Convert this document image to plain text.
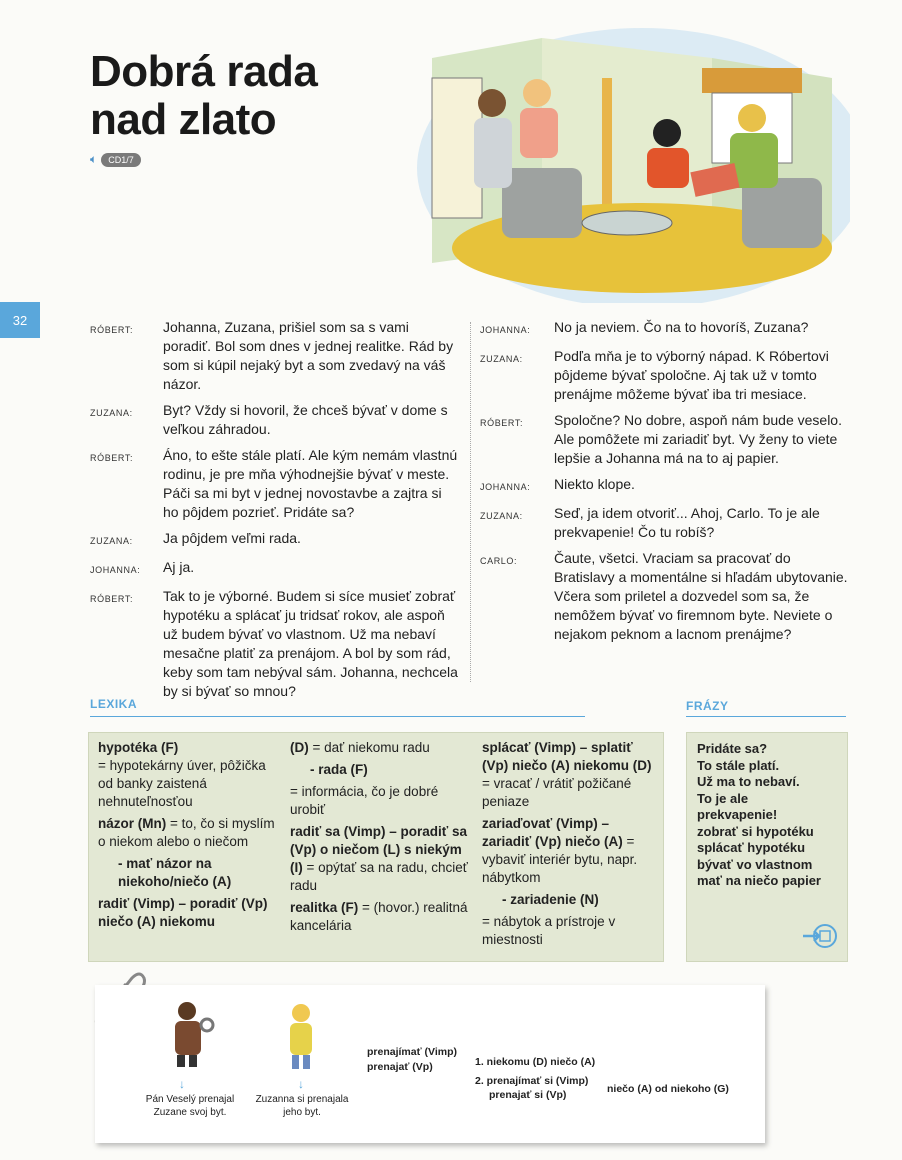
Dobrá rada
nad zlato
🔈︎	CD1/7
32
RÓBERT:	Johanna, Zuzana, prišiel som sa s vami poradiť. Bol som dnes v jednej realitke. Rád by som si kúpil nejaký byt a som zvedavý na váš názor.
ZUZANA:	Byt? Vždy si hovoril, že chceš bývať v dome s veľkou záhradou.
RÓBERT:	Áno, to ešte stále platí. Ale kým nemám vlastnú rodinu, je pre mňa výhodnejšie bývať v meste. Páči sa mi byt v jednej novostavbe a zajtra si ho pôjdem pozrieť. Pridáte sa?
ZUZANA:	Ja pôjdem veľmi rada.
JOHANNA:	Aj ja.
RÓBERT:	Tak to je výborné. Budem si síce musieť zobrať hypotéku a splácať ju tridsať rokov, ale aspoň už budem bývať vo vlastnom. Už ma nebaví mesačne platiť za prenájom. A bol by som rád, keby som tam nebýval sám. Johanna, nechcela by si bývať so mnou?
JOHANNA:	No ja neviem. Čo na to hovoríš, Zuzana?
ZUZANA:	Podľa mňa je to výborný nápad. K Róbertovi pôjdeme bývať spoločne. Aj tak už v tomto prenájme môžeme bývať iba tri mesiace.
RÓBERT:	Spoločne? No dobre, aspoň nám bude veselo. Ale pomôžete mi zariadiť byt. Vy ženy to viete lepšie a Johanna má na to aj papier.
JOHANNA:	Niekto klope.
ZUZANA:	Seď, ja idem otvoriť... Ahoj, Carlo. To je ale prekvapenie! Čo tu robíš?
CARLO:	Čaute, všetci. Vraciam sa pracovať do Bratislavy a momentálne si hľadám ubytovanie. Včera som priletel a dozvedel som sa, že nemôžem bývať vo firemnom byte. Neviete o nejakom peknom a lacnom prenájme?
LEXIKA	FRÁZY

hypotéka (F)
= hypotekárny úver, pôžička od banky zaistená nehnuteľnosťou

názor (Mn) = to, čo si myslím o niekom alebo o niečom

- mať názor na niekoho/niečo (A)

radiť (Vimp) – poradiť (Vp) niečo (A) niekomu

(D) = dať niekomu radu

- rada (F)

= informácia, čo je dobré urobiť

radiť sa (Vimp) – poradiť sa (Vp) o niečom (L) s niekým (I) = opýtať sa na radu, chcieť radu

realitka (F) = (hovor.) realitná kancelária

splácať (Vimp) – splatiť (Vp) niečo (A) niekomu (D) = vracať / vrátiť požičané peniaze

zariaďovať (Vimp) – zariadiť (Vp) niečo (A) = vybaviť interiér bytu, napr. nábytkom

- zariadenie (N)

= nábytok a prístroje v miestnosti

Pridáte sa?
To stále platí.
Už ma to nebaví.
To je ale
prekvapenie!
zobrať si hypotéku
splácať hypotéku
bývať vo vlastnom
mať na niečo papier
↓	↓
Pán Veselý prenajal Zuzane svoj byt.
Zuzanna si prenajala jeho byt.
prenajímať (Vimp)
prenajať (Vp)	1. niekomu (D) niečo (A)
2. prenajímať si (Vimp)
prenajať si (Vp)	niečo (A) od niekoho (G)
